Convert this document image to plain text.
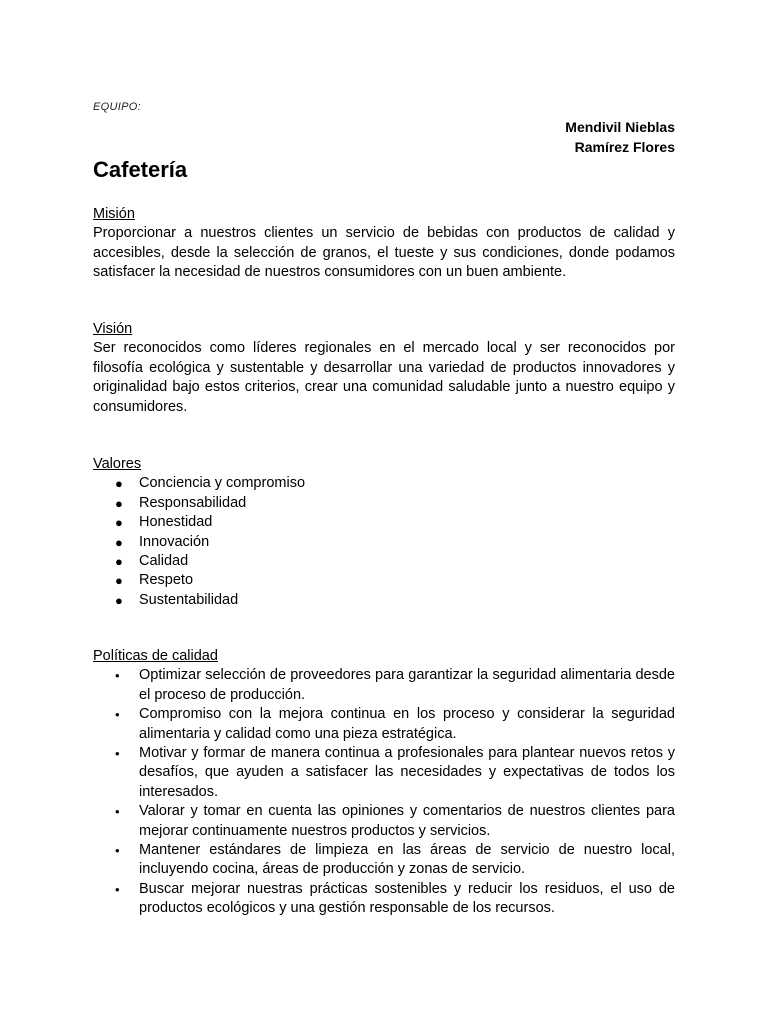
EQUIPO:
Mendivil Nieblas
Ramírez Flores
Cafetería
Misión

Proporcionar a nuestros clientes un servicio de bebidas con productos de calidad y accesibles, desde la selección de granos, el tueste y sus condiciones, donde podamos satisfacer la necesidad de nuestros consumidores con un buen ambiente.

Visión

Ser reconocidos como líderes regionales en el mercado local y ser reconocidos por filosofía ecológica y sustentable y desarrollar una variedad de productos innovadores y originalidad bajo estos criterios, crear una comunidad saludable junto a nuestro equipo y consumidores.

Valores
● Conciencia y compromiso
● Responsabilidad
● Honestidad
● Innovación
● Calidad
● Respeto
● Sustentabilidad
Políticas de calidad
• Optimizar selección de proveedores para garantizar la seguridad alimentaria desde el proceso de producción.
• Compromiso con la mejora continua en los proceso y considerar la seguridad alimentaria y calidad como una pieza estratégica.
• Motivar y formar de manera continua a profesionales para plantear nuevos retos y desafíos, que ayuden a satisfacer las necesidades y expectativas de todos los interesados.
• Valorar y tomar en cuenta las opiniones y comentarios de nuestros clientes para mejorar continuamente nuestros productos y servicios.
• Mantener estándares de limpieza en las áreas de servicio de nuestro local, incluyendo cocina, áreas de producción y zonas de servicio.
• Buscar mejorar nuestras prácticas sostenibles y reducir los residuos, el uso de productos ecológicos y una gestión responsable de los recursos.
